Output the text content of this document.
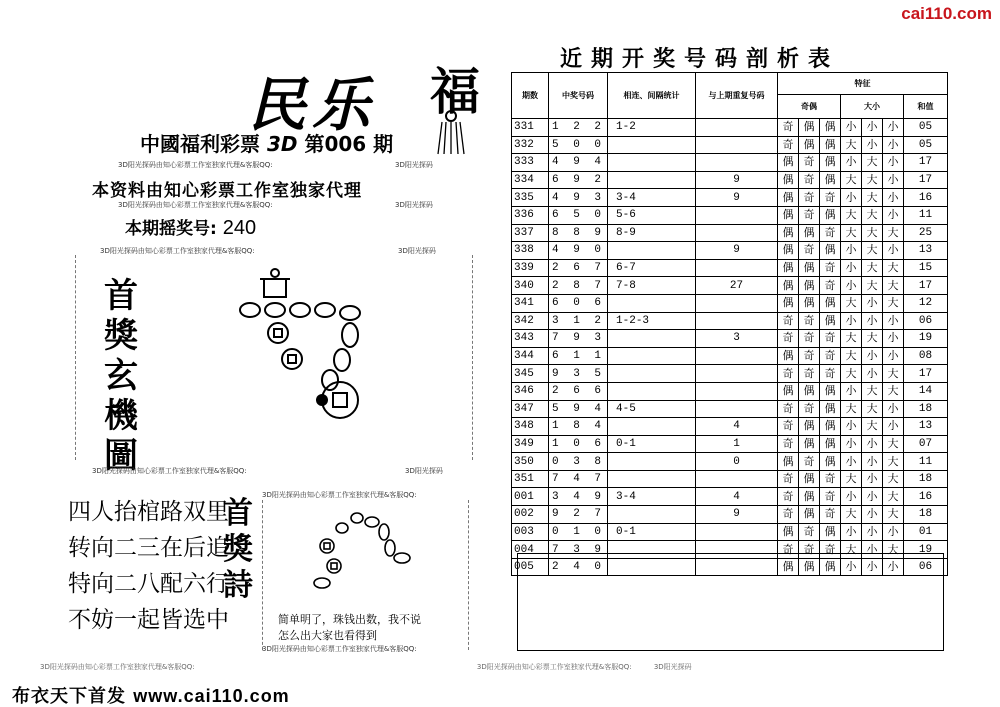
cai110.com
民乐 福
中國福利彩票 3D 第006 期
3D阳光探码由知心彩票工作室独家代理&客服QQ:	3D阳光探码
本资料由知心彩票工作室独家代理
3D阳光探码由知心彩票工作室独家代理&客服QQ:	3D阳光探码
本期摇奖号: 240
3D阳光探码由知心彩票工作室独家代理&客服QQ:	3D阳光探码
首
獎
玄
機
圖
3D阳光探码由知心彩票工作室独家代理&客服QQ:	3D阳光探码
四人抬棺路双里
转向二三在后追
特向二八配六行
不妨一起皆选中
首
獎
詩
3D阳光探码由知心彩票工作室独家代理&客服QQ:
简单明了，珠钱出数，我不说
怎么出大家也看得到
3D阳光探码由知心彩票工作室独家代理&客服QQ:
布衣天下首发 www.cai110.com
近期开奖号码剖析表
期数	中奖号码	相连、间隔统计	与上期重复号码	特征						
				奇偶			大小			和值
331	1 2 2	1-2		奇	偶	偶	小	小	小	05
332	5 0 0			奇	偶	偶	大	小	小	05
333	4 9 4			偶	奇	偶	小	大	小	17
334	6 9 2		9	偶	奇	偶	大	大	小	17
335	4 9 3	3-4	9	偶	奇	奇	小	大	小	16
336	6 5 0	5-6		偶	奇	偶	大	大	小	11
337	8 8 9	8-9		偶	偶	奇	大	大	大	25
338	4 9 0		9	偶	奇	偶	小	大	小	13
339	2 6 7	6-7		偶	偶	奇	小	大	大	15
340	2 8 7	7-8	27	偶	偶	奇	小	大	大	17
341	6 0 6			偶	偶	偶	大	小	大	12
342	3 1 2	1-2-3		奇	奇	偶	小	小	小	06
343	7 9 3		3	奇	奇	奇	大	大	小	19
344	6 1 1			偶	奇	奇	大	小	小	08
345	9 3 5			奇	奇	奇	大	小	大	17
346	2 6 6			偶	偶	偶	小	大	大	14
347	5 9 4	4-5		奇	奇	偶	大	大	小	18
348	1 8 4		4	奇	偶	偶	小	大	小	13
349	1 0 6	0-1	1	奇	偶	偶	小	小	大	07
350	0 3 8		0	偶	奇	偶	小	小	大	11
351	7 4 7			奇	偶	奇	大	小	大	18
001	3 4 9	3-4	4	奇	偶	奇	小	小	大	16
002	9 2 7		9	奇	偶	奇	大	小	大	18
003	0 1 0	0-1		偶	奇	偶	小	小	小	01
004	7 3 9			奇	奇	奇	大	小	大	19
005	2 4 0			偶	偶	偶	小	小	小	06
3D阳光探码由知心彩票工作室独家代理&客服QQ:	3D阳光探码由知心彩票工作室独家代理&客服QQ:	3D阳光探码
